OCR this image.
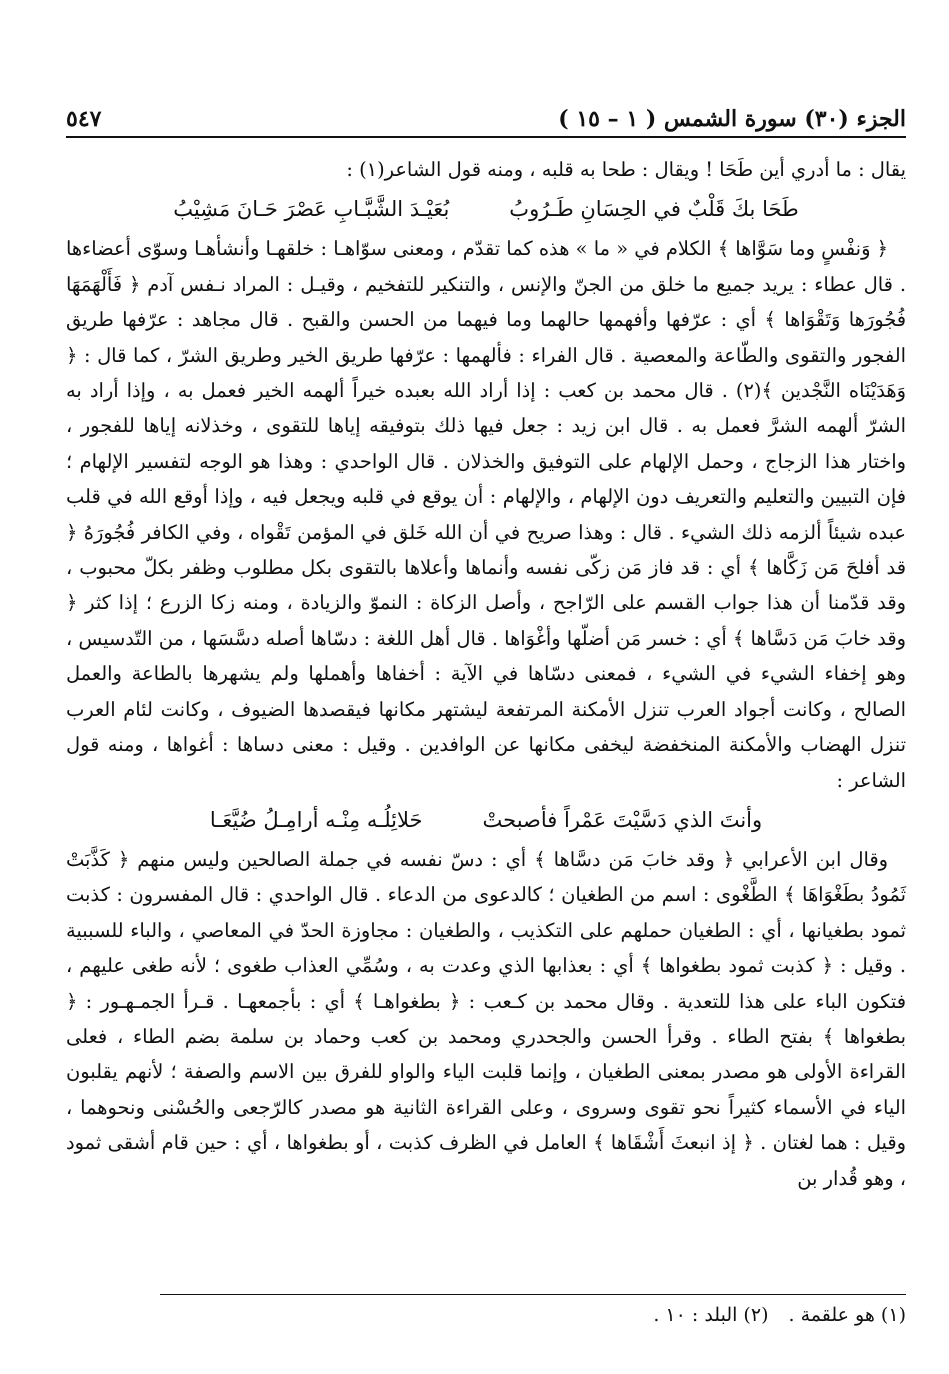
الجزء (٣٠) سورة الشمس ( ١ – ١٥ )
٥٤٧

يقال : ما أدري أين طَحَا ! ويقال : طحا به قلبه ، ومنه قول الشاعر(١) :

طَحَا بكَ قَلْبٌ في الحِسَانِ طَـرُوبُ
بُعَيْـدَ الشَّبَّـابِ عَصْرَ حَـانَ مَشِيْبُ

﴿ وَنفْسٍ وما سَوَّاها ﴾ الكلام في « ما » هذه كما تقدّم ، ومعنى سوّاهـا : خلقهـا وأنشأهـا وسوّى أعضاءها . قال عطاء : يريد جميع ما خلق من الجنّ والإنس ، والتنكير للتفخيم ، وقيـل : المراد نـفس آدم ﴿ فَأَلْهَمَهَا فُجُورَها وَتَقْوَاها ﴾ أي : عرّفها وأفهمها حالهما وما فيهما من الحسن والقبح . قال مجاهد : عرّفها طريق الفجور والتقوى والطّاعة والمعصية . قال الفراء : فألهمها : عرّفها طريق الخير وطريق الشرّ ، كما قال : ﴿ وَهَدَيْنَاه النَّجْدين ﴾(٢) . قال محمد بن كعب : إذا أراد الله بعبده خيراً ألهمه الخير فعمل به ، وإذا أراد به الشرّ ألهمه الشرَّ فعمل به . قال ابن زيد : جعل فيها ذلك بتوفيقه إياها للتقوى ، وخذلانه إياها للفجور ، واختار هذا الزجاج ، وحمل الإلهام على التوفيق والخذلان . قال الواحدي : وهذا هو الوجه لتفسير الإلهام ؛ فإن التبيين والتعليم والتعريف دون الإلهام ، والإلهام : أن يوقع في قلبه ويجعل فيه ، وإذا أوقع الله في قلب عبده شيئاً ألزمه ذلك الشيء . قال : وهذا صريح في أن الله خَلق في المؤمن تَقْواه ، وفي الكافر فُجُورَهُ ﴿ قد أفلحَ مَن زَكَّاها ﴾ أي : قد فاز مَن زكّى نفسه وأنماها وأعلاها بالتقوى بكل مطلوب وظفر بكلّ محبوب ، وقد قدّمنا أن هذا جواب القسم على الرّاجح ، وأصل الزكاة : النموّ والزيادة ، ومنه زكا الزرع ؛ إذا كثر ﴿ وقد خابَ مَن دَسَّاها ﴾ أي : خسر مَن أضلّها وأغْوَاها . قال أهل اللغة : دسّاها أصله دسَّسَها ، من التّدسيس ، وهو إخفاء الشيء في الشيء ، فمعنى دسّاها في الآية : أخفاها وأهملها ولم يشهرها بالطاعة والعمل الصالح ، وكانت أجواد العرب تنزل الأمكنة المرتفعة ليشتهر مكانها فيقصدها الضيوف ، وكانت لئام العرب تنزل الهضاب والأمكنة المنخفضة ليخفى مكانها عن الوافدين . وقيل : معنى دساها : أغواها ، ومنه قول الشاعر :

وأنتَ الذي دَسَّيْتَ عَمْراً فأصبحتْ
حَلائِلُـه مِنْـه أرامِـلُ ضُيَّعَـا

وقال ابن الأعرابي ﴿ وقد خابَ مَن دسَّاها ﴾ أي : دسّ نفسه في جملة الصالحين وليس منهم ﴿ كَذَّبَتْ ثَمُودُ بطَغْوَاهَا ﴾ الطَّغْوى : اسم من الطغيان ؛ كالدعوى من الدعاء . قال الواحدي : قال المفسرون : كذبت ثمود بطغيانها ، أي : الطغيان حملهم على التكذيب ، والطغيان : مجاوزة الحدّ في المعاصي ، والباء للسببية . وقيل : ﴿ كذبت ثمود بطغواها ﴾ أي : بعذابها الذي وعدت به ، وسُمِّي العذاب طغوى ؛ لأنه طغى عليهم ، فتكون الباء على هذا للتعدية . وقال محمد بن كـعب : ﴿ بطغواهـا ﴾ أي : بأجمعهـا . قـرأ الجمـهـور : ﴿ بطغواها ﴾ بفتح الطاء . وقرأ الحسن والجحدري ومحمد بن كعب وحماد بن سلمة بضم الطاء ، فعلى القراءة الأولى هو مصدر بمعنى الطغيان ، وإنما قلبت الياء والواو للفرق بين الاسم والصفة ؛ لأنهم يقلبون الياء في الأسماء كثيراً نحو تقوى وسروى ، وعلى القراءة الثانية هو مصدر كالرّجعى والحُسْنى ونحوهما ، وقيل : هما لغتان . ﴿ إذ انبعثَ أَشْقَاها ﴾ العامل في الظرف كذبت ، أو بطغواها ، أي : حين قام أشقى ثمود ، وهو قُدار بن

(١) هو علقمة . (٢) البلد : ١٠ .
